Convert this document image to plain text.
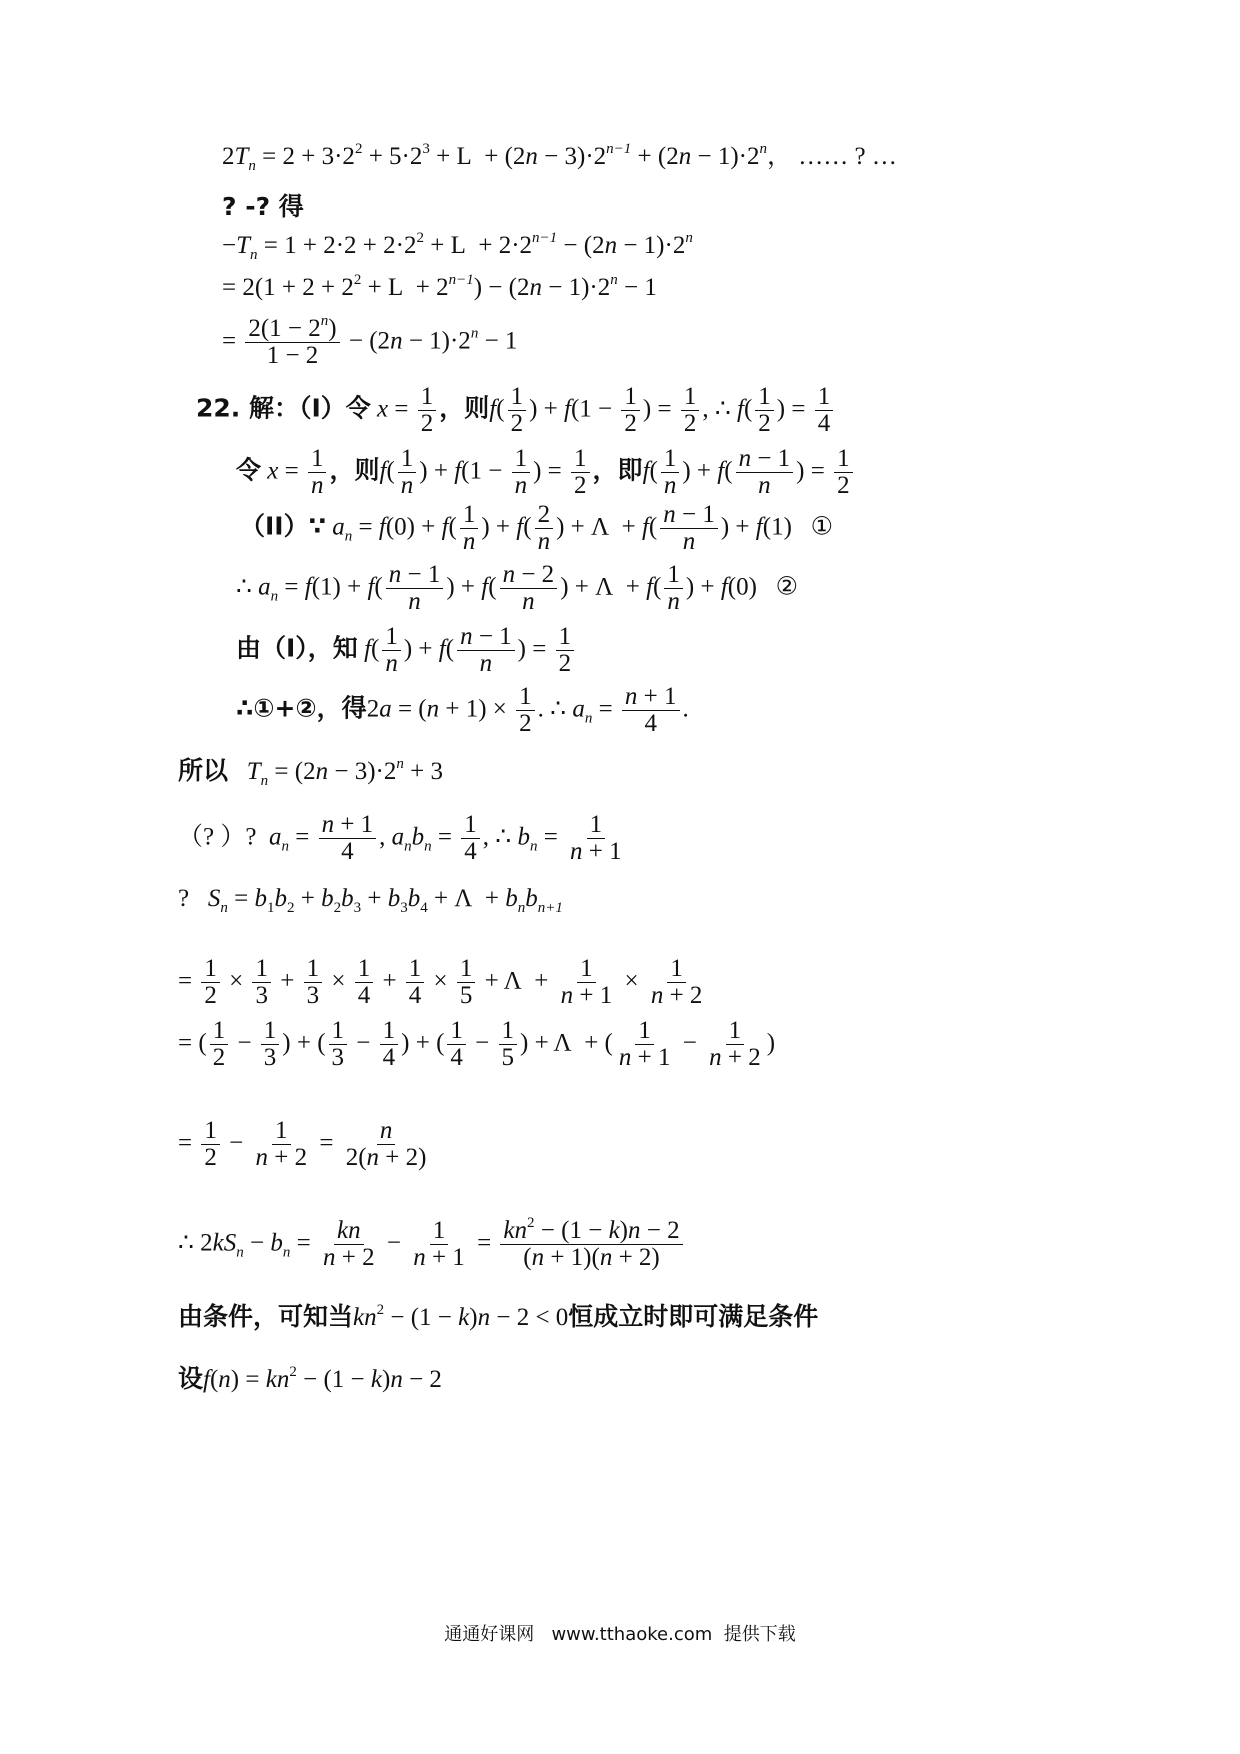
$2T_n = 2 + 3\cdot 2^2 + 5\cdot 2^3 + L + (2n - 3)\cdot 2^{n-1} + (2n - 1)\cdot 2^n$， …… ? …
? -? 得
$-T_n = 1 + 2\cdot 2 + 2\cdot 2^2 + L + 2\cdot 2^{n-1} - (2n - 1)\cdot 2^n$
= $2(1 + 2 + 2^2 + L + 2^{n-1}) - (2n - 1)\cdot 2^n - 1$
= $\frac{2(1 - 2^n)}{1 - 2} - (2n - 1)\cdot 2^n - 1$
22. 解：（I）令 $x = \frac{1}{2}$ ，则$f( \frac{1}{2}$ ) + $f(1 - \frac{1}{2}$ ) = $\frac{1}{2}$ , ∴ $f( \frac{1}{2}$ ) = $\frac{1}{4}$
令 $x = \frac{1}{n}$ ，则$f( \frac{1}{n}$ ) + $f(1 - \frac{1}{n}$ ) = $\frac{1}{2}$ ，即$f( \frac{1}{n}$ ) + $f( \frac{n - 1}{n}$ ) = $\frac{1}{2}$
（II）∵ $a_n = f(0) + f( \frac{1}{n}$ ) + $f( \frac{2}{n}$ ) + $\Lambda + f( \frac{n - 1}{n}$ ) + f(1)   ①
∴ $a_n = f(1) + f( \frac{n - 1}{n}$ ) + $f( \frac{n - 2}{n}$ ) + $\Lambda + f( \frac{1}{n}$ ) + f(0)   ②
由（I），知 $f( \frac{1}{n}$ ) + $f( \frac{n - 1}{n}$ ) = $\frac{1}{2}$
∴①+②，得$2a = (n + 1) \times \frac{1}{2}$ . ∴ $a_n = \frac{n + 1}{4}$ .
所以 $T_n = (2n - 3)\cdot 2^n + 3$
（? ）? $a_n = \frac{n + 1}{4}$ , $a_nb_n = \frac{1}{4}$ , ∴ $b_n = \frac{1}{n + 1}$
? $S_n = b_1b_2 + b_2b_3 + b_3b_4 + \Lambda + b_nb_{n+1}$
= $\frac{1}{2} \times \frac{1}{3} + \frac{1}{3} \times \frac{1}{4} + \frac{1}{4} \times \frac{1}{5} + \Lambda + \frac{1}{n + 1} \times \frac{1}{n + 2}$
= ( $\frac{1}{2} - \frac{1}{3}$ ) + ( $\frac{1}{3} - \frac{1}{4}$ ) + ( $\frac{1}{4} - \frac{1}{5}$ ) + Λ  + ( $\frac{1}{n + 1} - \frac{1}{n + 2}$ )
= $\frac{1}{2} - \frac{1}{n + 2} = \frac{n}{2(n + 2)}$
∴ $2kS_n - b_n = \frac{kn}{n + 2} - \frac{1}{n + 1} = \frac{kn^2 - (1 - k)n - 2}{(n + 1)(n + 2)}$
由条件，可知当$kn^2 - (1 - k)n - 2 < 0$恒成立时即可满足条件
设$f(n) = kn^2 - (1 - k)n - 2$
通通好课网 www.tthaoke.com 提供下载
